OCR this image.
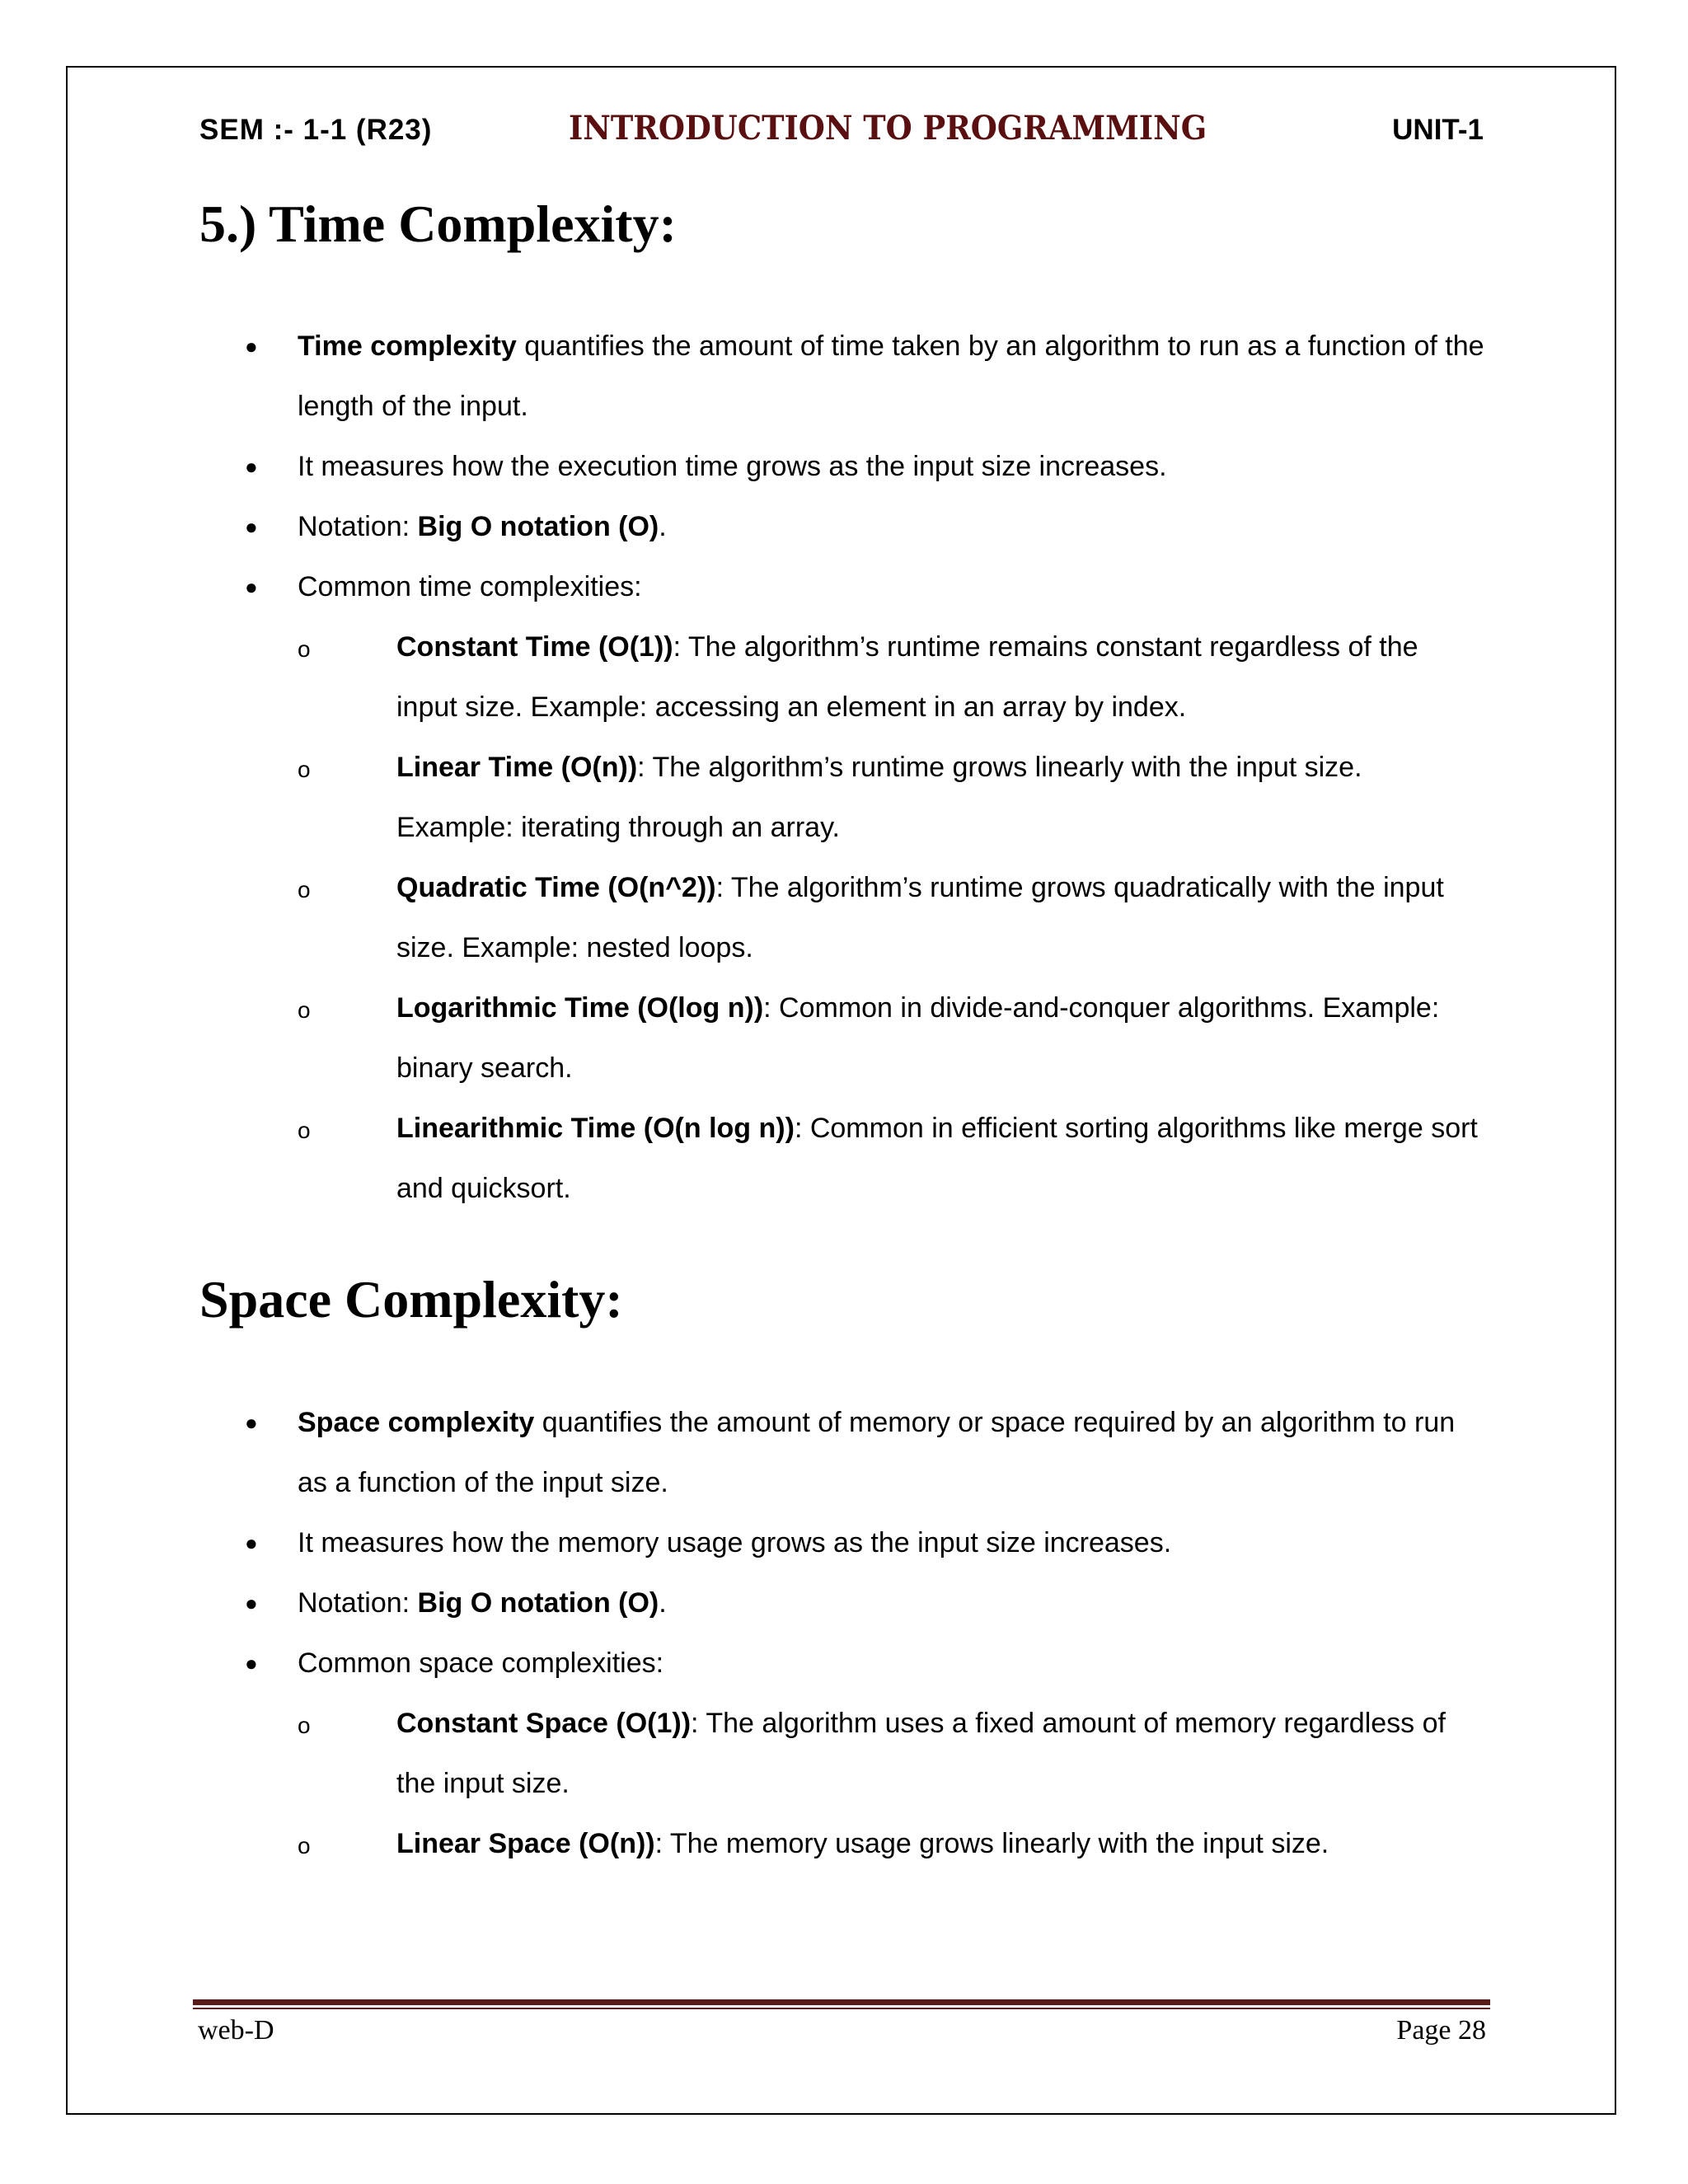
SEM :- 1-1 (R23)	INTRODUCTION TO PROGRAMMING	UNIT-1
5.) Time Complexity:
● Time complexity quantifies the amount of time taken by an algorithm to run as a function of the length of the input.
● It measures how the execution time grows as the input size increases.
● Notation: Big O notation (O).
● Common time complexities:
o	Constant Time (O(1)): The algorithm’s runtime remains constant regardless of the input size. Example: accessing an element in an array by index.
o	Linear Time (O(n)): The algorithm’s runtime grows linearly with the input size. Example: iterating through an array.
o	Quadratic Time (O(n^2)): The algorithm’s runtime grows quadratically with the input size. Example: nested loops.
o	Logarithmic Time (O(log n)): Common in divide-and-conquer algorithms. Example: binary search.
o	Linearithmic Time (O(n log n)): Common in efficient sorting algorithms like merge sort and quicksort.
Space Complexity:
● Space complexity quantifies the amount of memory or space required by an algorithm to run as a function of the input size.
● It measures how the memory usage grows as the input size increases.
● Notation: Big O notation (O).
● Common space complexities:
o	Constant Space (O(1)): The algorithm uses a fixed amount of memory regardless of the input size.
o	Linear Space (O(n)): The memory usage grows linearly with the input size.
web-D	Page 28
